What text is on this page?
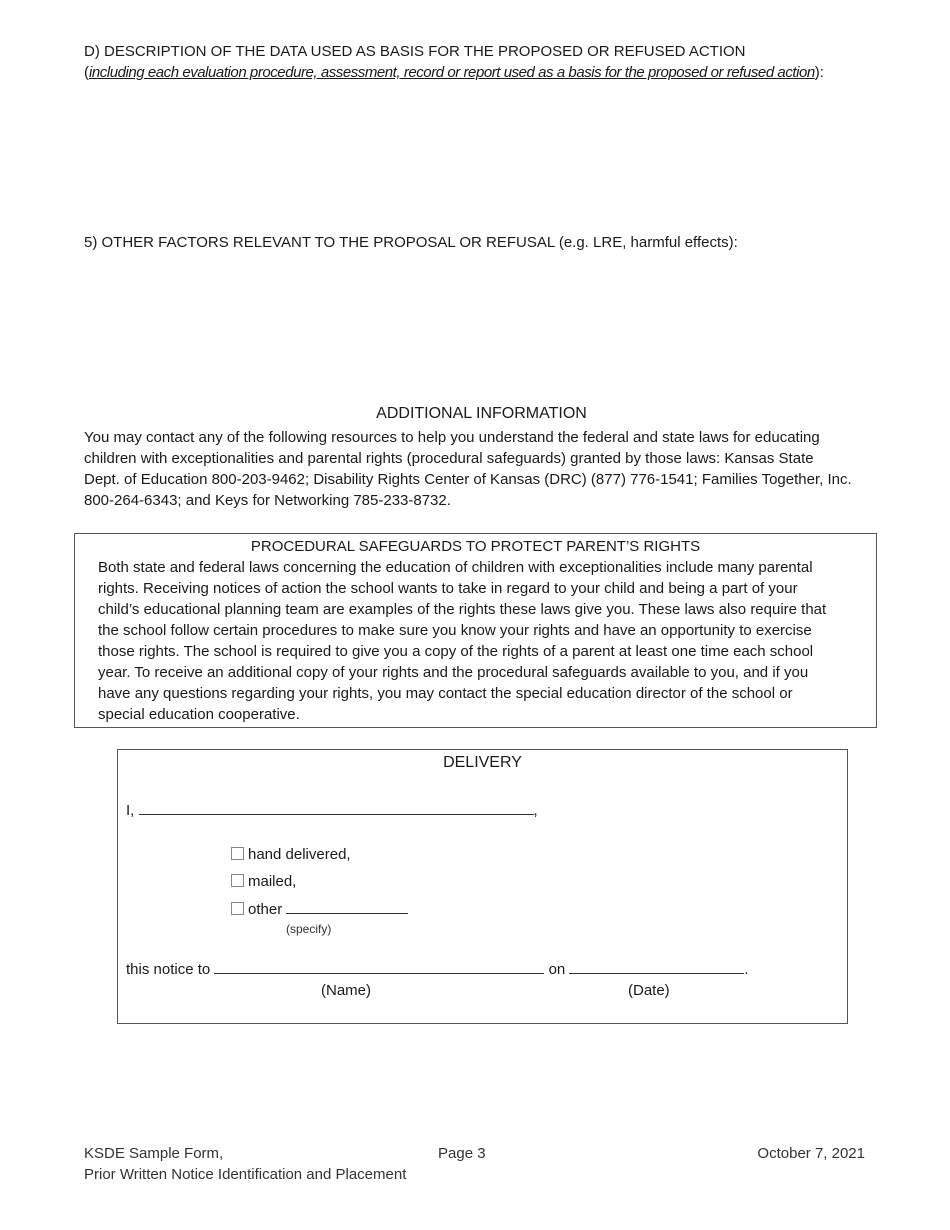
D) DESCRIPTION OF THE DATA USED AS BASIS FOR THE PROPOSED OR REFUSED ACTION
(including each evaluation procedure, assessment, record or report used as a basis for the proposed or refused action):
5) OTHER FACTORS RELEVANT TO THE PROPOSAL OR REFUSAL (e.g. LRE, harmful effects):
ADDITIONAL INFORMATION
You may contact any of the following resources to help you understand the federal and state laws for educating
children with exceptionalities and parental rights (procedural safeguards) granted by those laws: Kansas State
Dept. of Education 800-203-9462; Disability Rights Center of Kansas (DRC) (877) 776-1541; Families Together, Inc.
800-264-6343; and Keys for Networking 785-233-8732.
PROCEDURAL SAFEGUARDS TO PROTECT PARENT’S RIGHTS
Both state and federal laws concerning the education of children with exceptionalities include many parental
rights. Receiving notices of action the school wants to take in regard to your child and being a part of your
child’s educational planning team are examples of the rights these laws give you. These laws also require that
the school follow certain procedures to make sure you know your rights and have an opportunity to exercise
those rights. The school is required to give you a copy of the rights of a parent at least one time each school
year. To receive an additional copy of your rights and the procedural safeguards available to you, and if you
have any questions regarding your rights, you may contact the special education director of the school or
special education cooperative.
DELIVERY
I,	,
hand delivered,
mailed,
other
(specify)
this notice to	on	.
(Name)	(Date)
KSDE Sample Form,
Prior Written Notice Identification and Placement
Page 3	October 7, 2021
